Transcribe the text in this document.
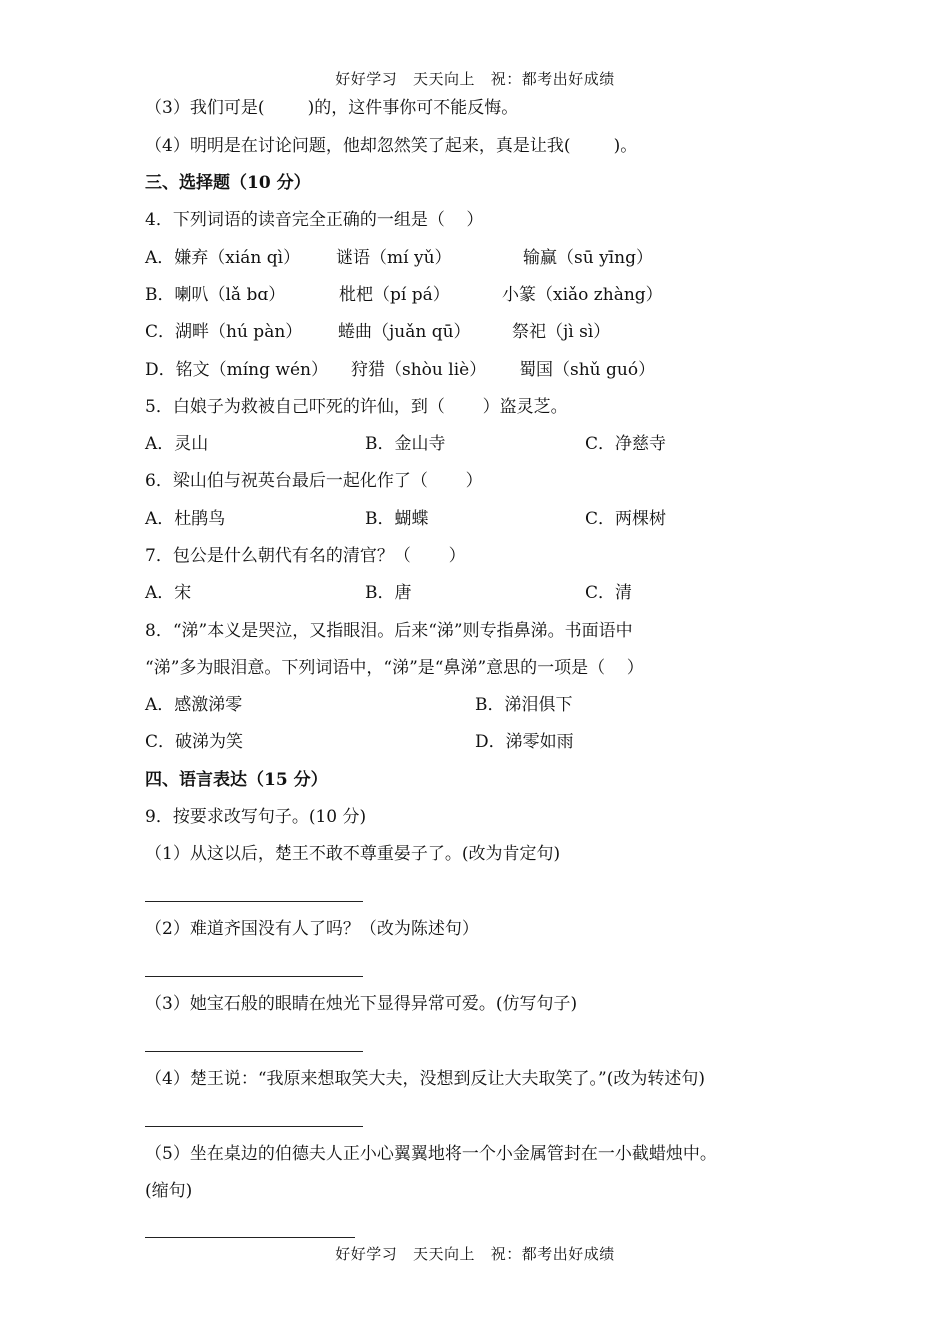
好好学习   天天向上   祝：都考出好成绩
（3）我们可是(        )的，这件事你可不能反悔。
（4）明明是在讨论问题，他却忽然笑了起来，真是让我(        )。
三、选择题（10 分）
4．下列词语的读音完全正确的一组是（    ）
A．嫌弃（xián qì） 谜语（mí yǔ）	输赢（sū yīng）
B．喇叭（lǎ bɑ）	枇杷（pí pá）	小篆（xiǎo zhàng）
C．湖畔（hú pàn） 蜷曲（juǎn qū） 祭祀（jì sì）
D．铭文（míng wén） 狩猎（shòu liè） 蜀国（shǔ guó）
5．白娘子为救被自己吓死的许仙，到（       ）盗灵芝。
A．灵山	B．金山寺	C．净慈寺
6．梁山伯与祝英台最后一起化作了（       ）
A．杜鹃鸟	B．蝴蝶	C．两棵树
7．包公是什么朝代有名的清官？（       ）
A．宋	B．唐	C．清
8．“涕”本义是哭泣，又指眼泪。后来“涕”则专指鼻涕。书面语中
“涕”多为眼泪意。下列词语中，“涕”是“鼻涕”意思的一项是（    ）
A．感激涕零	B．涕泪俱下
C．破涕为笑	D．涕零如雨
四、语言表达（15 分）
9．按要求改写句子。(10 分)
（1）从这以后，楚王不敢不尊重晏子了。(改为肯定句)
（2）难道齐国没有人了吗？（改为陈述句）
（3）她宝石般的眼睛在烛光下显得异常可爱。(仿写句子)
（4）楚王说：“我原来想取笑大夫，没想到反让大夫取笑了。”(改为转述句)
（5）坐在桌边的伯德夫人正小心翼翼地将一个小金属管封在一小截蜡烛中。
(缩句)
好好学习   天天向上   祝：都考出好成绩
